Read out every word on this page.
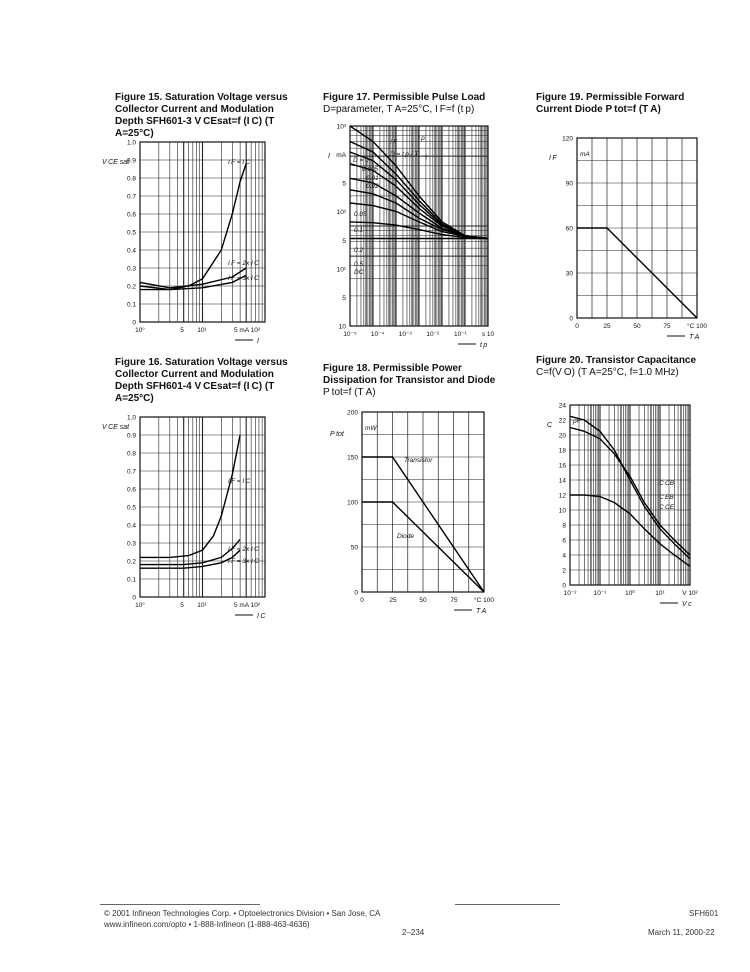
Figure 15. Saturation Voltage versus
Collector Current and Modulation
Depth SFH601-3 V CEsat=f (I C) (T A=25°C)
Figure 16. Saturation Voltage versus
Collector Current and Modulation
Depth SFH601-4 V CEsat=f (I C) (T A=25°C)
Figure 17. Permissible Pulse Load
D=parameter, T A=25°C, I F=f (t p)
Figure 18. Permissible Power
Dissipation for Transistor and Diode
P tot=f (T A)
Figure 19. Permissible Forward
Current Diode P tot=f (T A)
Figure 20. Transistor Capacitance
C=f(V O) (T A=25°C, f=1.0 MHz)
1.0
0.9
0.8
0.7
0.6
0.5
0.4
0.3
0.2
0.1
0
10°	5 10¹	5 mA 10²
V CE sat
I
I F = I C
I F = 2x I C
I F = 3x I C
1.0
0.9
0.8
0.7
0.6
0.5
0.4
0.3
0.2
0.1
0
10°	5 10¹	5 mA 10²
V CE sat
I C
I F = I C
I F = 2x I C
I F = 3x I C
10³
mA
5
10²
5
10¹
5
10
10⁻⁵ 10⁻⁴ 10⁻³ 10⁻² 10⁻¹ s 10
I
t p
D = 0
0.005
0.01
0.02
0.05
0.1
0.2
0.5
DC
I F
t p
T
D = t p / T
200
150
100
50
0
0	25	50	75	°C 100
P tot
mW
T A
Transistor
Diode
120
90
60
30
0
0	25	50	75	°C 100
I F
mA
T A
24
22
20
18
16
14
12
10
8
6
4
2
0
10⁻²	10⁻¹	10⁰	10¹	V 10²
C
pF
V c
C CB
C EB
C CE
© 2001 Infineon Technologies Corp. • Optoelectronics Division • San Jose, CA
www.infineon.com/opto • 1-888-Infineon (1-888-463-4636)
2–234
SFH601
March 11, 2000-22
